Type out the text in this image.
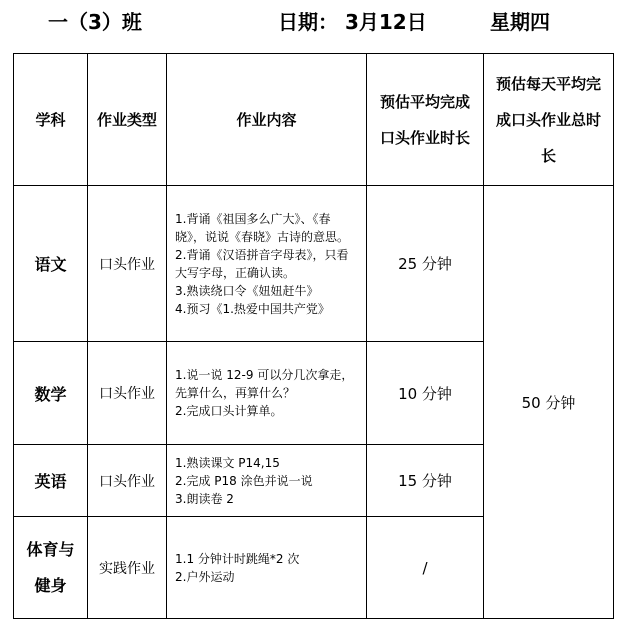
一（3）班	日期： 3月12日	星期四
学科	作业类型	作业内容	预估平均完成口头作业时长	预估每天平均完成口头作业总时长
语文	口头作业	1.背诵《祖国多么广大》、《春晓》，说说《春晓》古诗的意思。
2.背诵《汉语拼音字母表》，只看大写字母，正确认读。
3.熟读绕口令《妞妞赶牛》
4.预习《1.热爱中国共产党》	25 分钟	50 分钟
数学	口头作业	1.说一说 12-9 可以分几次拿走，先算什么，再算什么？
2.完成口头计算单。	10 分钟	
英语	口头作业	1.熟读课文 P14,15
2.完成 P18 涂色并说一说
3.朗读卷 2	15 分钟	
体育与健身	实践作业	1.1 分钟计时跳绳*2 次
2.户外运动	/	
